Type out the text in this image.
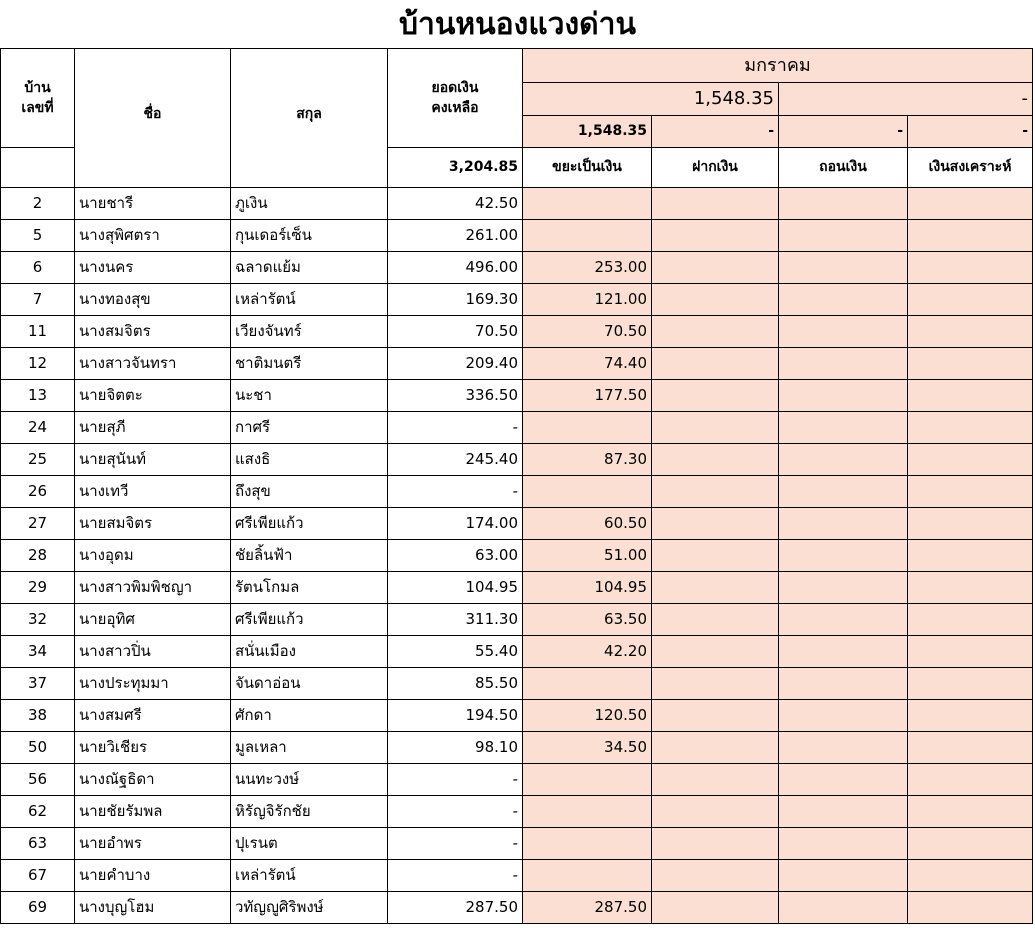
บ้านหนองแวงด่าน
บ้าน
เลขที่	ชื่อ	สกุล	ยอดเงิน
คงเหลือ	มกราคม			
				1,548.35		-	
				1,548.35	-	-	-
			3,204.85	ขยะเป็นเงิน	ฝากเงิน	ถอนเงิน	เงินสงเคราะห์
2	นายชารี	ภูเงิน	42.50				
5	นางสุพิศตรา	กุนเดอร์เซ็น	261.00				
6	นางนคร	ฉลาดแย้ม	496.00	253.00			
7	นางทองสุข	เหล่ารัตน์	169.30	121.00			
11	นางสมจิตร	เวียงจันทร์	70.50	70.50			
12	นางสาวจันทรา	ชาติมนตรี	209.40	74.40			
13	นายจิตตะ	นะชา	336.50	177.50			
24	นายสุภี	กาศรี	-				
25	นายสุนันท์	แสงธิ	245.40	87.30			
26	นางเทวี	ถึงสุข	-				
27	นายสมจิตร	ศรีเพียแก้ว	174.00	60.50			
28	นางอุดม	ชัยลิ้นฟ้า	63.00	51.00			
29	นางสาวพิมพิชญา	รัตนโกมล	104.95	104.95			
32	นายอุทิศ	ศรีเพียแก้ว	311.30	63.50			
34	นางสาวปิ่น	สนั่นเมือง	55.40	42.20			
37	นางประทุมมา	จันดาอ่อน	85.50				
38	นางสมศรี	ศักดา	194.50	120.50			
50	นายวิเชียร	มูลเหลา	98.10	34.50			
56	นางณัฐธิดา	นนทะวงษ์	-				
62	นายชัยรัมพล	หิรัญจิรักชัย	-				
63	นายอำพร	ปุเรนต	-				
67	นายคำบาง	เหล่ารัตน์	-				
69	นางบุญโฮม	วทัญญูศิริพงษ์	287.50	287.50			
